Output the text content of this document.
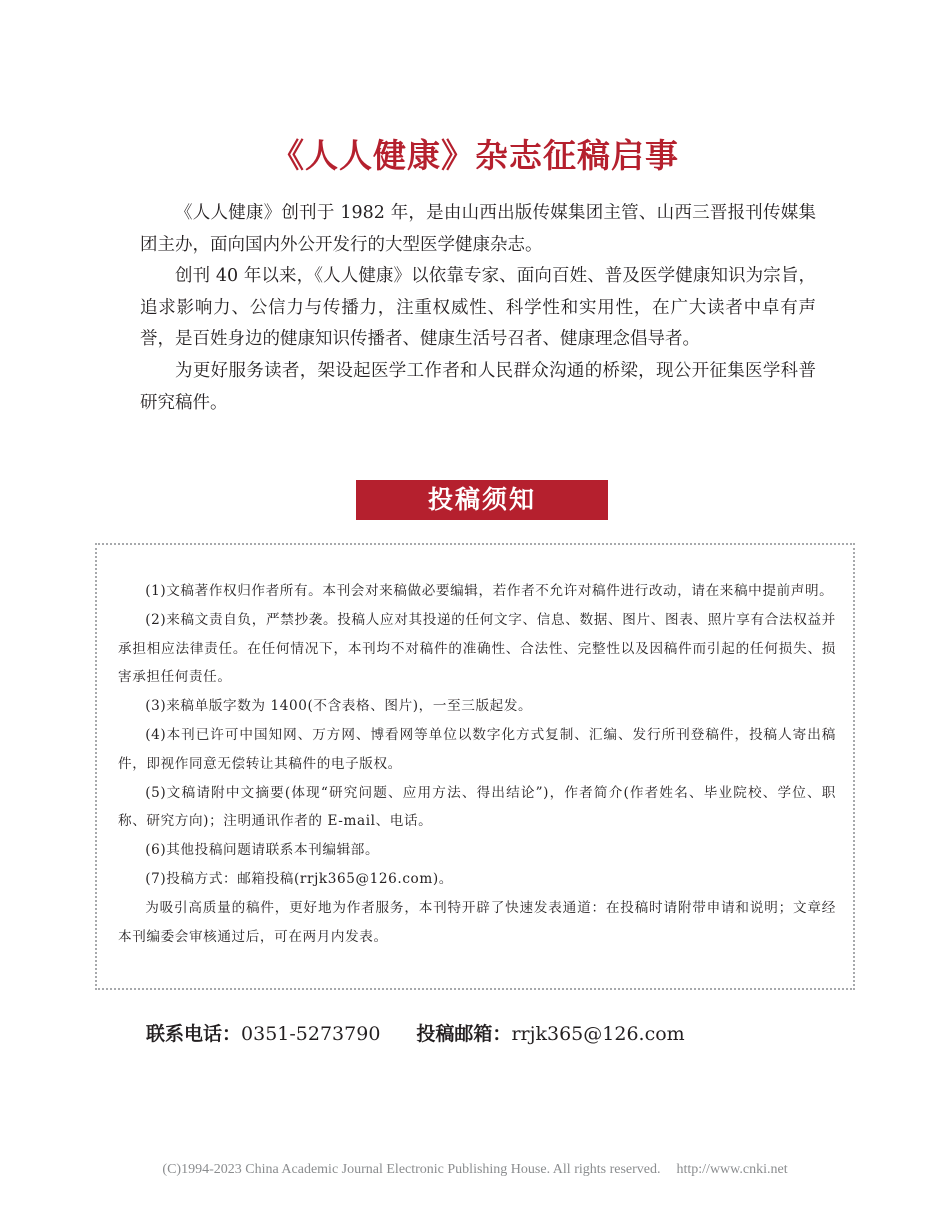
《人人健康》杂志征稿启事

《人人健康》创刊于 1982 年，是由山西出版传媒集团主管、山西三晋报刊传媒集团主办，面向国内外公开发行的大型医学健康杂志。

创刊 40 年以来，《人人健康》以依靠专家、面向百姓、普及医学健康知识为宗旨，追求影响力、公信力与传播力，注重权威性、科学性和实用性，在广大读者中卓有声誉，是百姓身边的健康知识传播者、健康生活号召者、健康理念倡导者。

为更好服务读者，架设起医学工作者和人民群众沟通的桥梁，现公开征集医学科普研究稿件。

投稿须知

(1)文稿著作权归作者所有。本刊会对来稿做必要编辑，若作者不允许对稿件进行改动，请在来稿中提前声明。

(2)来稿文责自负，严禁抄袭。投稿人应对其投递的任何文字、信息、数据、图片、图表、照片享有合法权益并承担相应法律责任。在任何情况下，本刊均不对稿件的准确性、合法性、完整性以及因稿件而引起的任何损失、损害承担任何责任。

(3)来稿单版字数为 1400(不含表格、图片)，一至三版起发。

(4)本刊已许可中国知网、万方网、博看网等单位以数字化方式复制、汇编、发行所刊登稿件，投稿人寄出稿件，即视作同意无偿转让其稿件的电子版权。

(5)文稿请附中文摘要(体现“研究问题、应用方法、得出结论”)，作者简介(作者姓名、毕业院校、学位、职称、研究方向)；注明通讯作者的 E-mail、电话。

(6)其他投稿问题请联系本刊编辑部。

(7)投稿方式：邮箱投稿(rrjk365@126.com)。

为吸引高质量的稿件，更好地为作者服务，本刊特开辟了快速发表通道：在投稿时请附带申请和说明；文章经本刊编委会审核通过后，可在两月内发表。

联系电话：0351-5273790 投稿邮箱：rrjk365@126.com
(C)1994-2023 China Academic Journal Electronic Publishing House. All rights reserved. http://www.cnki.net
